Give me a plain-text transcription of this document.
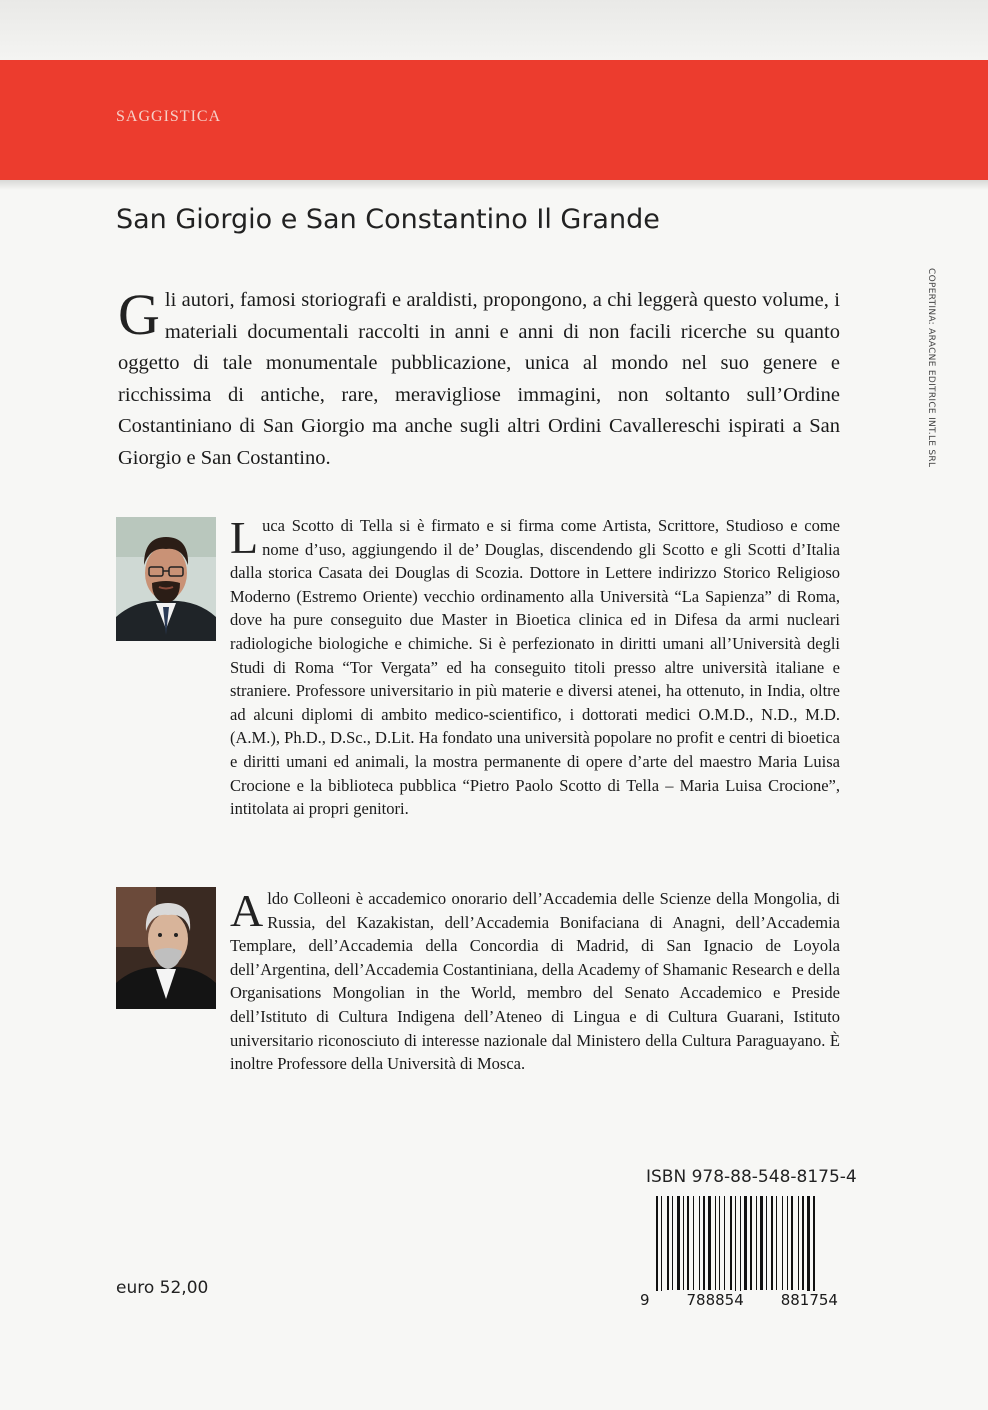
SAGGISTICA
San Giorgio e San Constantino Il Grande
COPERTINA: ARACNE EDITRICE INT.LE SRL

Gli autori, famosi storiografi e araldisti, propongono, a chi leggerà questo volume, i materiali documentali raccolti in anni e anni di non facili ricerche su quanto oggetto di tale monumentale pubblicazione, unica al mondo nel suo genere e ricchissima di antiche, rare, meravigliose immagini, non soltanto sull’Ordine Costantiniano di San Giorgio ma anche sugli altri Ordini Cavallereschi ispirati a San Giorgio e San Costantino.

Luca Scotto di Tella si è firmato e si firma come Artista, Scrittore, Studioso e come nome d’uso, aggiungendo il de’ Douglas, discendendo gli Scotto e gli Scotti d’Italia dalla storica Casata dei Douglas di Scozia. Dottore in Lettere indirizzo Storico Religioso Moderno (Estremo Oriente) vecchio ordinamento alla Università “La Sapienza” di Roma, dove ha pure conseguito due Master in Bioetica clinica ed in Difesa da armi nucleari radiologiche biologiche e chimiche. Si è perfezionato in diritti umani all’Università degli Studi di Roma “Tor Vergata” ed ha conseguito titoli presso altre università italiane e straniere. Professore universitario in più materie e diversi atenei, ha ottenuto, in India, oltre ad alcuni diplomi di ambito medico-scientifico, i dottorati medici O.M.D., N.D., M.D. (A.M.), Ph.D., D.Sc., D.Lit. Ha fondato una università popolare no profit e centri di bioetica e diritti umani ed animali, la mostra permanente di opere d’arte del maestro Maria Luisa Crocione e la biblioteca pubblica “Pietro Paolo Scotto di Tella – Maria Luisa Crocione”, intitolata ai propri genitori.

Aldo Colleoni è accademico onorario dell’Accademia delle Scienze della Mongolia, di Russia, del Kazakistan, dell’Accademia Bonifaciana di Anagni, dell’Accademia Templare, dell’Accademia della Concordia di Madrid, di San Ignacio de Loyola dell’Argentina, dell’Accademia Costantiniana, della Academy of Shamanic Research e della Organisations Mongolian in the World, membro del Senato Accademico e Preside dell’Istituto di Cultura Indigena dell’Ateneo di Lingua e di Cultura Guarani, Istituto universitario riconosciuto di interesse nazionale dal Ministero della Cultura Paraguayano. È inoltre Professore della Università di Mosca.

ISBN 978-88-548-8175-4
9 788854 881754
euro 52,00
